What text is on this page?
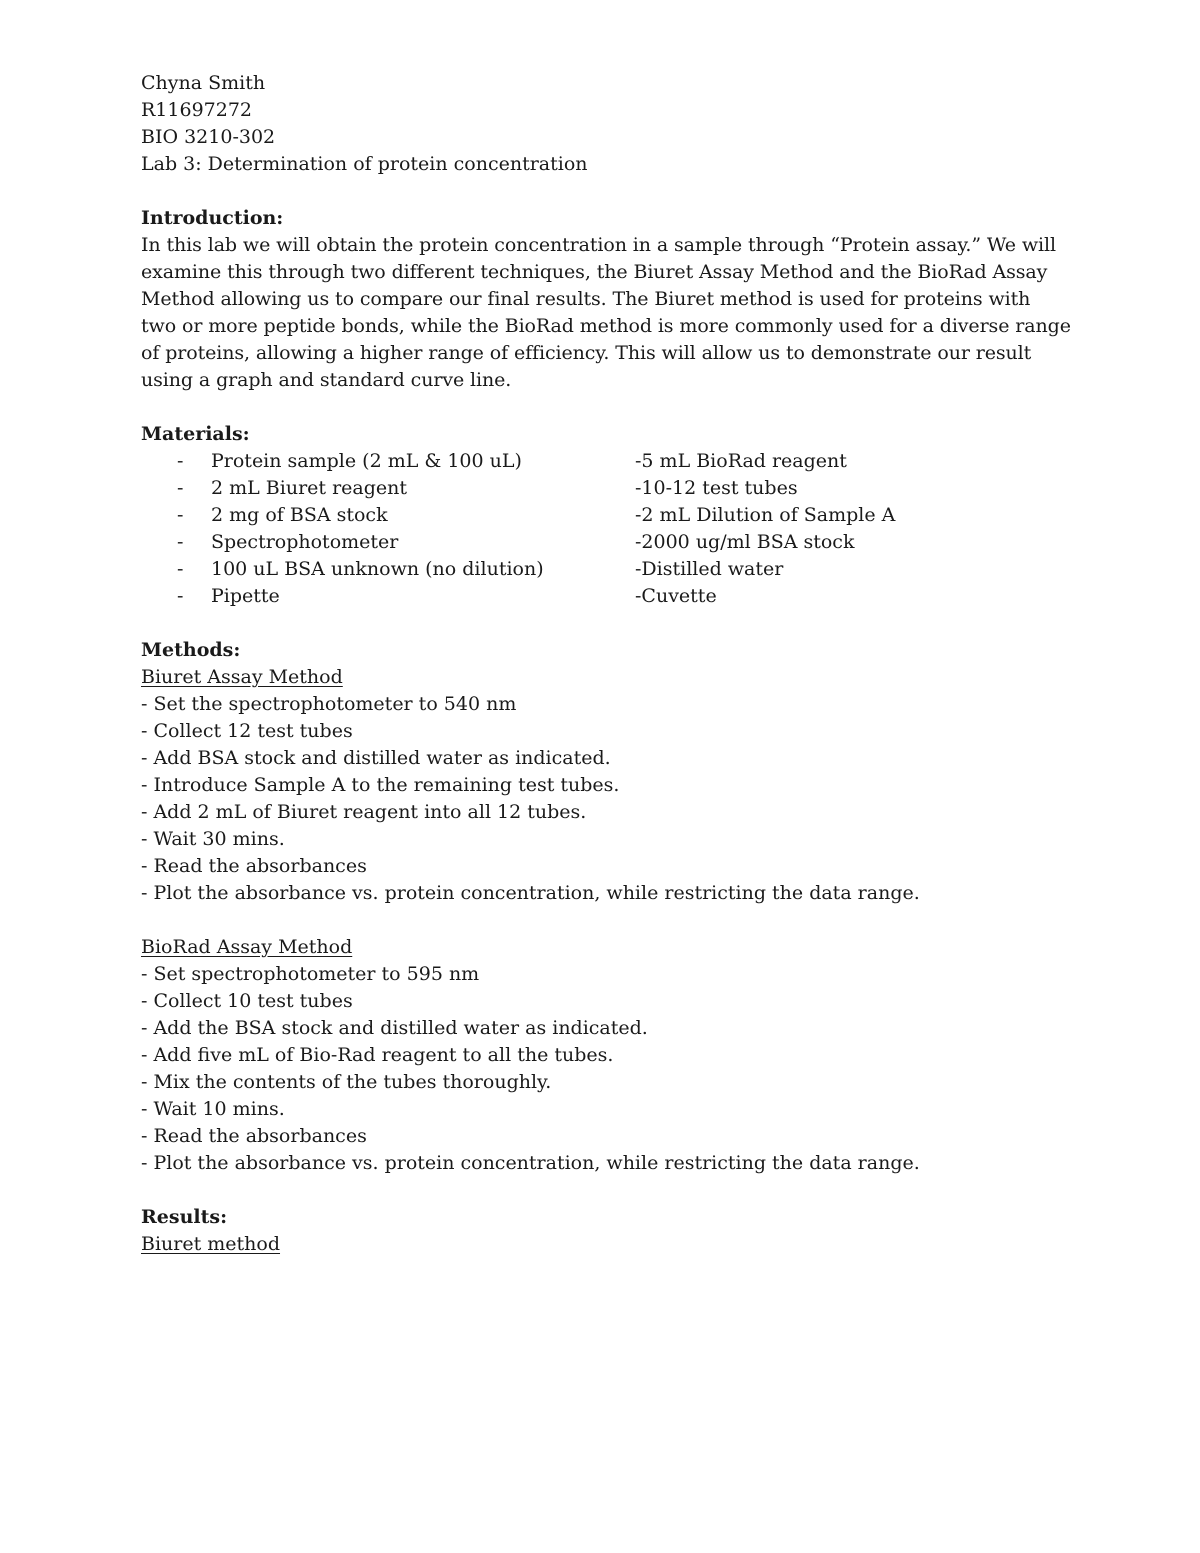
Chyna Smith
R11697272
BIO 3210-302
Lab 3: Determination of protein concentration
Introduction:

In this lab we will obtain the protein concentration in a sample through “Protein assay.” We will examine this through two different techniques, the Biuret Assay Method and the BioRad Assay Method allowing us to compare our final results. The Biuret method is used for proteins with two or more peptide bonds, while the BioRad method is more commonly used for a diverse range of proteins, allowing a higher range of efficiency. This will allow us to demonstrate our result using a graph and standard curve line.

Materials:
- Protein sample (2 mL & 100 uL)	-5 mL BioRad reagent
- 2 mL Biuret reagent	-10-12 test tubes
- 2 mg of BSA stock	-2 mL Dilution of Sample A
- Spectrophotometer	-2000 ug/ml BSA stock
- 100 uL BSA unknown (no dilution)	-Distilled water
- Pipette	-Cuvette
Methods:
Biuret Assay Method
- Set the spectrophotometer to 540 nm
- Collect 12 test tubes
- Add BSA stock and distilled water as indicated.
- Introduce Sample A to the remaining test tubes.
- Add 2 mL of Biuret reagent into all 12 tubes.
- Wait 30 mins.
- Read the absorbances
- Plot the absorbance vs. protein concentration, while restricting the data range.
BioRad Assay Method
- Set spectrophotometer to 595 nm
- Collect 10 test tubes
- Add the BSA stock and distilled water as indicated.
- Add five mL of Bio-Rad reagent to all the tubes.
- Mix the contents of the tubes thoroughly.
- Wait 10 mins.
- Read the absorbances
- Plot the absorbance vs. protein concentration, while restricting the data range.
Results:
Biuret method
